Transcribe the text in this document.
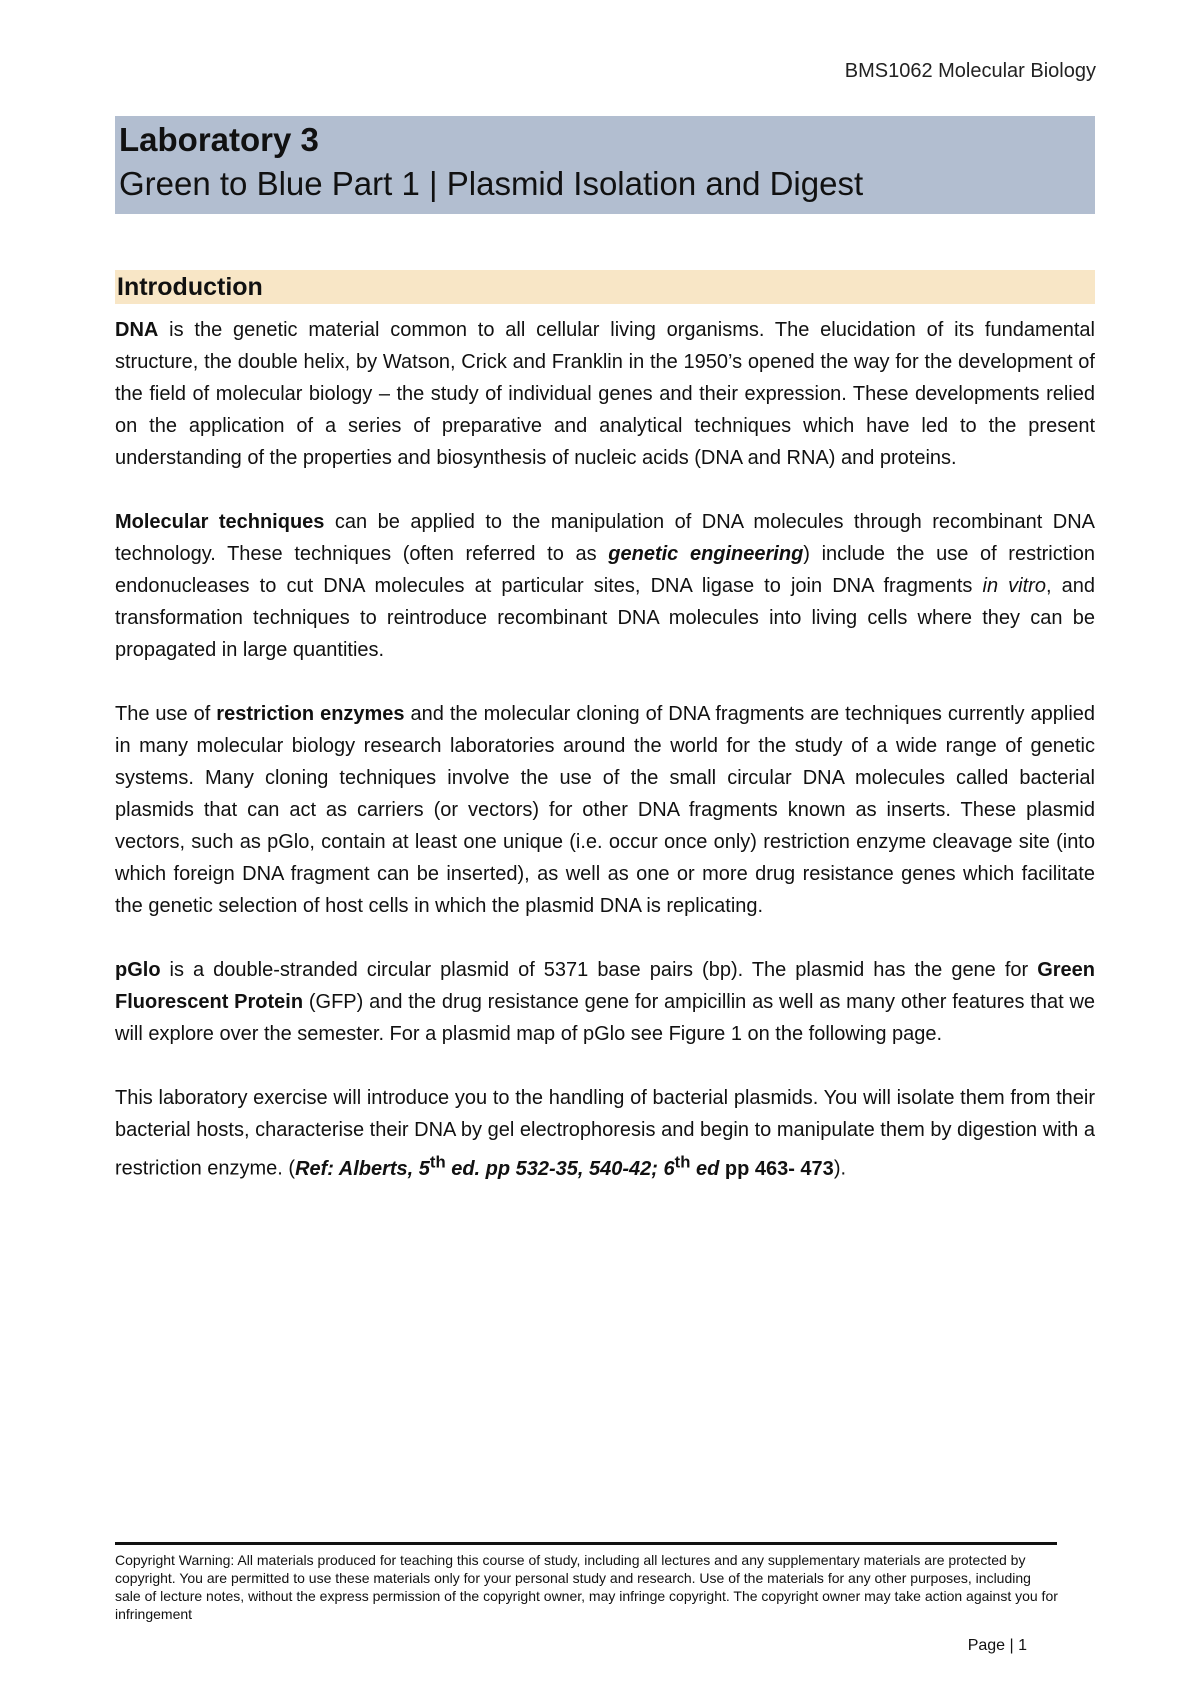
BMS1062 Molecular Biology
Laboratory 3
Green to Blue Part 1 | Plasmid Isolation and Digest
Introduction

DNA is the genetic material common to all cellular living organisms. The elucidation of its fundamental structure, the double helix, by Watson, Crick and Franklin in the 1950’s opened the way for the development of the field of molecular biology – the study of individual genes and their expression. These developments relied on the application of a series of preparative and analytical techniques which have led to the present understanding of the properties and biosynthesis of nucleic acids (DNA and RNA) and proteins.

Molecular techniques can be applied to the manipulation of DNA molecules through recombinant DNA technology. These techniques (often referred to as genetic engineering) include the use of restriction endonucleases to cut DNA molecules at particular sites, DNA ligase to join DNA fragments in vitro, and transformation techniques to reintroduce recombinant DNA molecules into living cells where they can be propagated in large quantities.

The use of restriction enzymes and the molecular cloning of DNA fragments are techniques currently applied in many molecular biology research laboratories around the world for the study of a wide range of genetic systems. Many cloning techniques involve the use of the small circular DNA molecules called bacterial plasmids that can act as carriers (or vectors) for other DNA fragments known as inserts. These plasmid vectors, such as pGlo, contain at least one unique (i.e. occur once only) restriction enzyme cleavage site (into which foreign DNA fragment can be inserted), as well as one or more drug resistance genes which facilitate the genetic selection of host cells in which the plasmid DNA is replicating.

pGlo is a double-stranded circular plasmid of 5371 base pairs (bp). The plasmid has the gene for Green Fluorescent Protein (GFP) and the drug resistance gene for ampicillin as well as many other features that we will explore over the semester. For a plasmid map of pGlo see Figure 1 on the following page.

This laboratory exercise will introduce you to the handling of bacterial plasmids. You will isolate them from their bacterial hosts, characterise their DNA by gel electrophoresis and begin to manipulate them by digestion with a restriction enzyme. (Ref: Alberts, 5th ed. pp 532-35, 540-42; 6th ed pp 463- 473).

Copyright Warning: All materials produced for teaching this course of study, including all lectures and any supplementary materials are protected by copyright. You are permitted to use these materials only for your personal study and research. Use of the materials for any other purposes, including sale of lecture notes, without the express permission of the copyright owner, may infringe copyright. The copyright owner may take action against you for infringement
Page | 1
